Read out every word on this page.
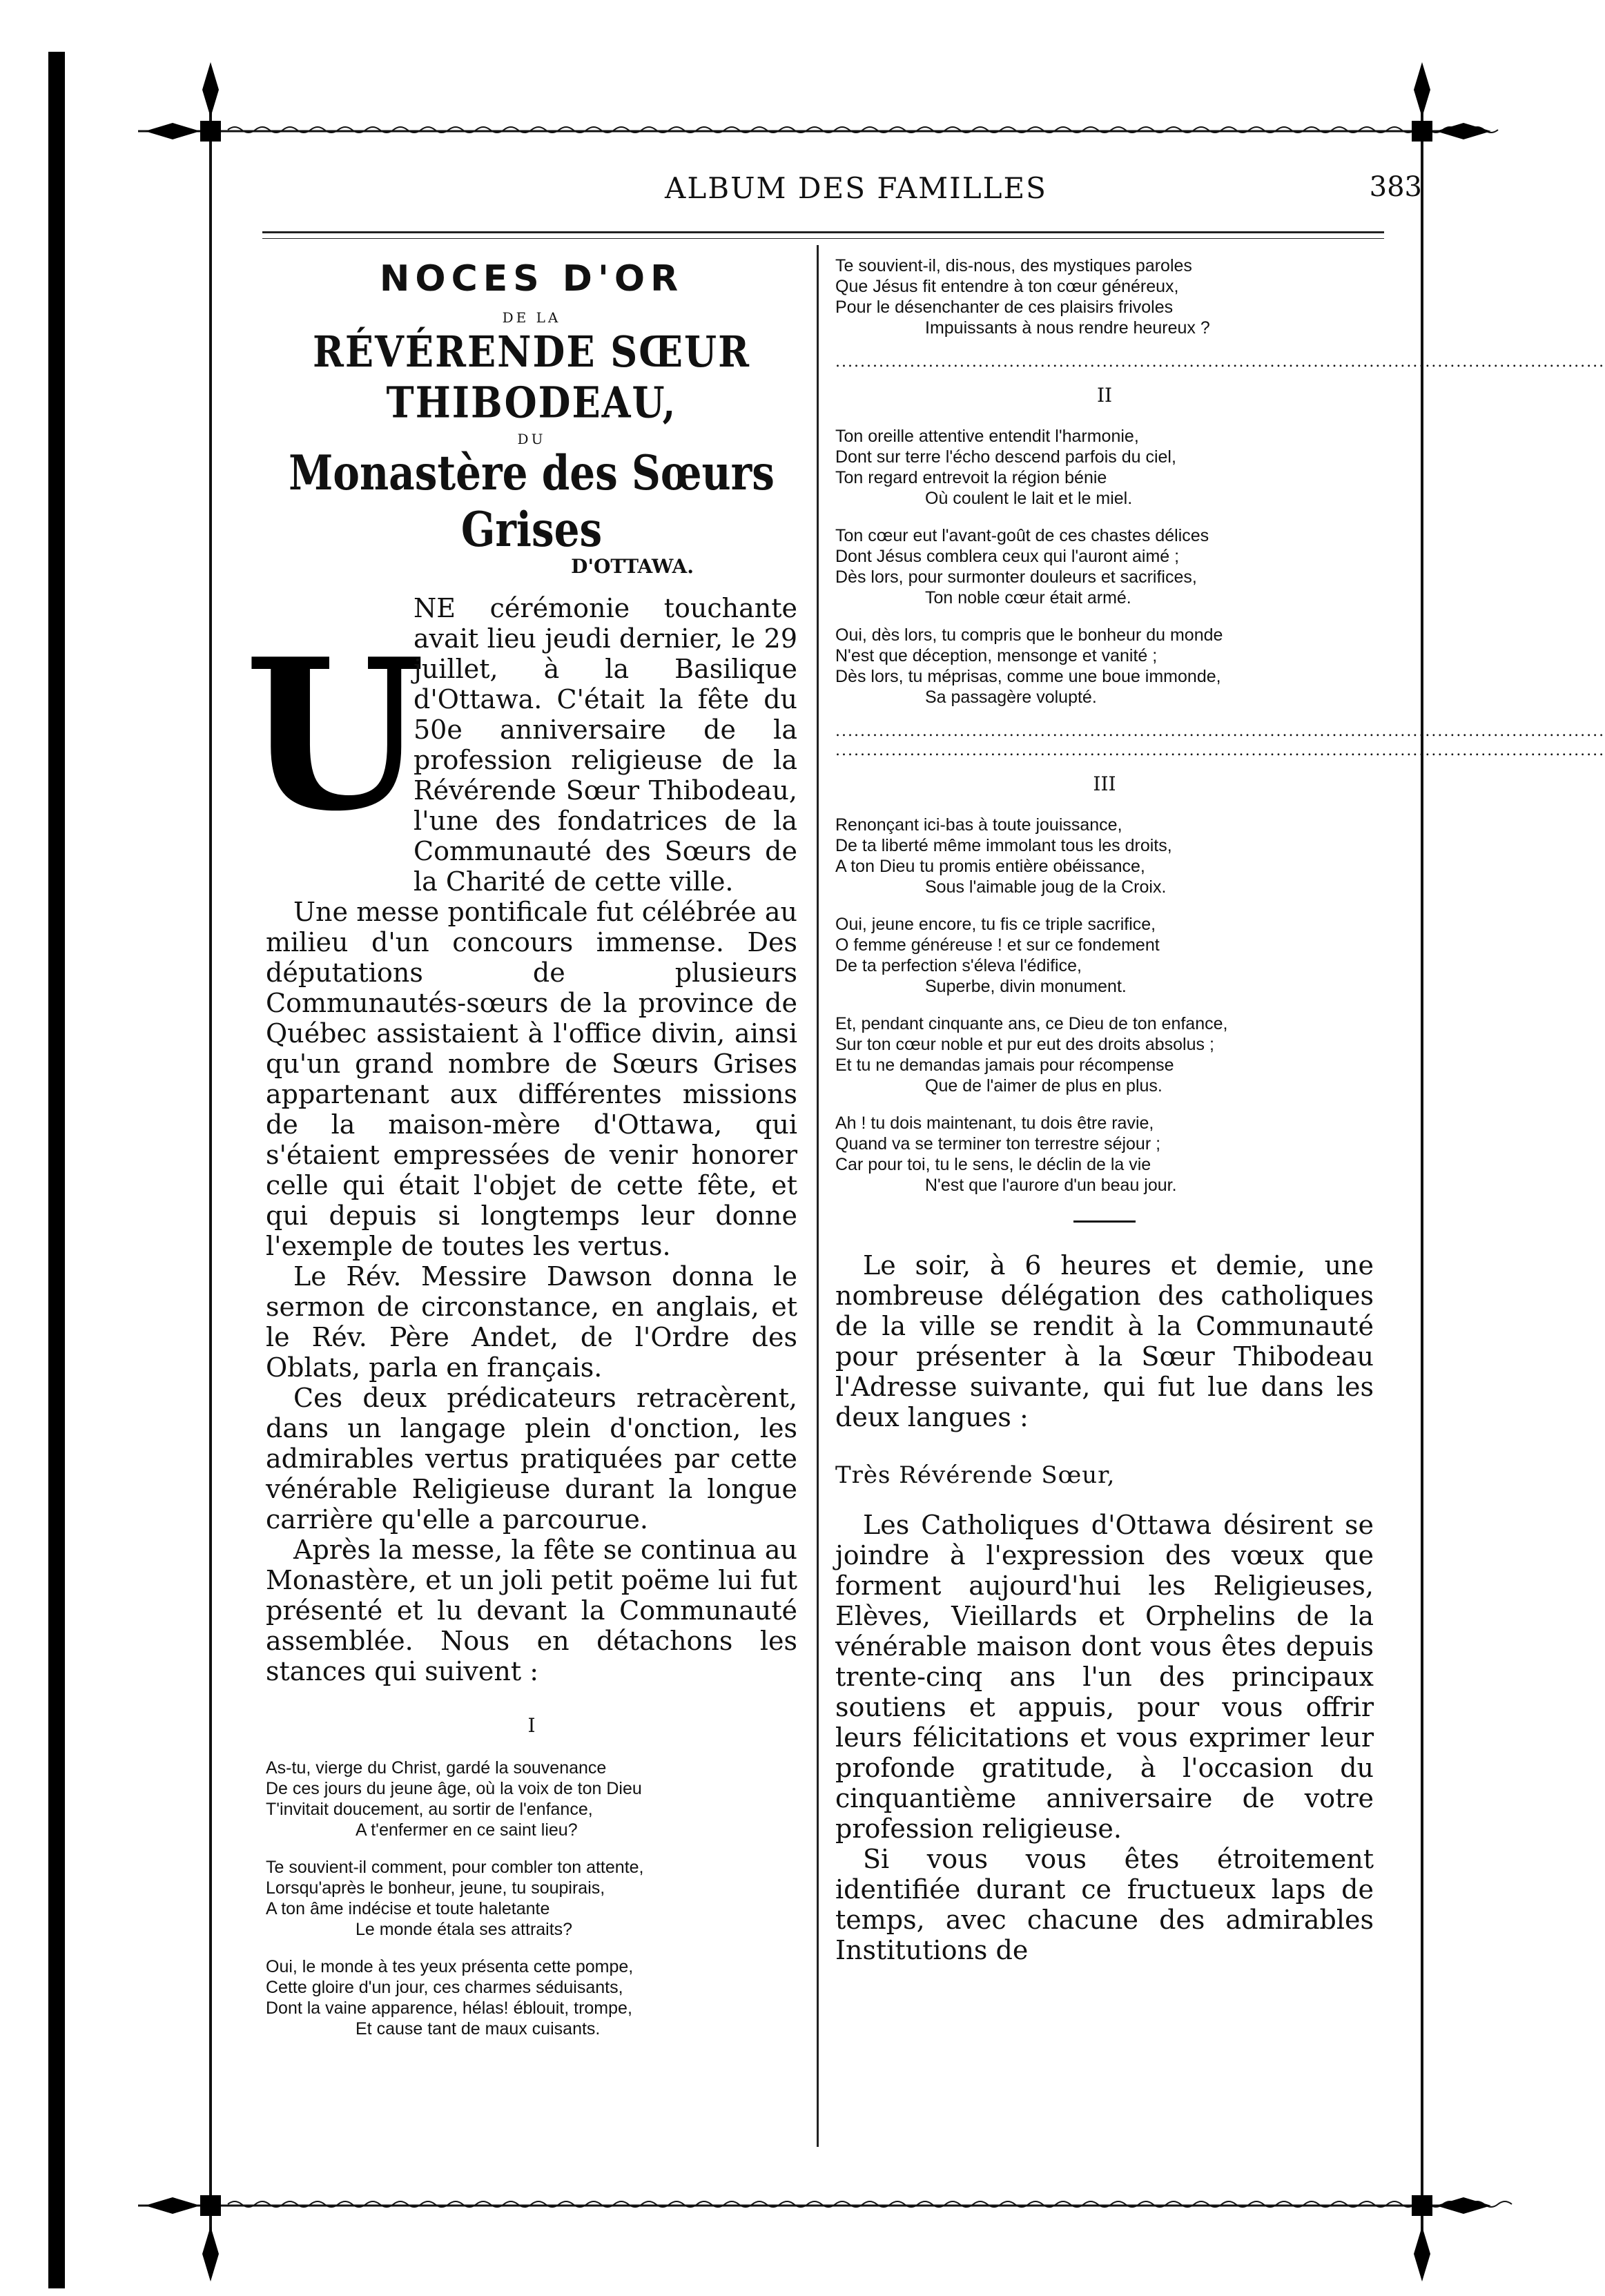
ALBUM DES FAMILLES	383
NOCES D'OR
DE LA
RÉVÉRENDE SŒUR THIBODEAU,
DU
Monastère des Sœurs Grises
D'OTTAWA.
U

NE cérémonie touchante avait lieu jeudi dernier, le 29 juillet, à la Basilique d'Ottawa. C'était la fête du 50e anniversaire de la profession religieuse de la Révérende Sœur Thibodeau, l'une des fondatrices de la Communauté des Sœurs de la Charité de cette ville.

Une messe pontificale fut célébrée au milieu d'un concours immense. Des députations de plusieurs Communautés-sœurs de la province de Québec assistaient à l'office divin, ainsi qu'un grand nombre de Sœurs Grises appartenant aux différentes missions de la maison-mère d'Ottawa, qui s'étaient empressées de venir honorer celle qui était l'objet de cette fête, et qui depuis si longtemps leur donne l'exemple de toutes les vertus.

Le Rév. Messire Dawson donna le sermon de circonstance, en anglais, et le Rév. Père Andet, de l'Ordre des Oblats, parla en français.

Ces deux prédicateurs retracèrent, dans un langage plein d'onction, les admirables vertus pratiquées par cette vénérable Religieuse durant la longue carrière qu'elle a parcourue.

Après la messe, la fête se continua au Monastère, et un joli petit poëme lui fut présenté et lu devant la Communauté assemblée. Nous en détachons les stances qui suivent :

I
As-tu, vierge du Christ, gardé la souvenance
De ces jours du jeune âge, où la voix de ton Dieu
T'invitait doucement, au sortir de l'enfance,
A t'enfermer en ce saint lieu?
Te souvient-il comment, pour combler ton attente,
Lorsqu'après le bonheur, jeune, tu soupirais,
A ton âme indécise et toute haletante
Le monde étala ses attraits?
Oui, le monde à tes yeux présenta cette pompe,
Cette gloire d'un jour, ces charmes séduisants,
Dont la vaine apparence, hélas! éblouit, trompe,
Et cause tant de maux cuisants.
Te souvient-il, dis-nous, des mystiques paroles
Que Jésus fit entendre à ton cœur généreux,
Pour le désenchanter de ces plaisirs frivoles
Impuissants à nous rendre heureux ?
............................................................................................................................
II
Ton oreille attentive entendit l'harmonie,
Dont sur terre l'écho descend parfois du ciel,
Ton regard entrevoit la région bénie
Où coulent le lait et le miel.
Ton cœur eut l'avant-goût de ces chastes délices
Dont Jésus comblera ceux qui l'auront aimé ;
Dès lors, pour surmonter douleurs et sacrifices,
Ton noble cœur était armé.
Oui, dès lors, tu compris que le bonheur du monde
N'est que déception, mensonge et vanité ;
Dès lors, tu méprisas, comme une boue immonde,
Sa passagère volupté.
............................................................................................................................
............................................................................................................................
III
Renonçant ici-bas à toute jouissance,
De ta liberté même immolant tous les droits,
A ton Dieu tu promis entière obéissance,
Sous l'aimable joug de la Croix.
Oui, jeune encore, tu fis ce triple sacrifice,
O femme généreuse ! et sur ce fondement
De ta perfection s'éleva l'édifice,
Superbe, divin monument.
Et, pendant cinquante ans, ce Dieu de ton enfance,
Sur ton cœur noble et pur eut des droits absolus ;
Et tu ne demandas jamais pour récompense
Que de l'aimer de plus en plus.
Ah ! tu dois maintenant, tu dois être ravie,
Quand va se terminer ton terrestre séjour ;
Car pour toi, tu le sens, le déclin de la vie
N'est que l'aurore d'un beau jour.

Le soir, à 6 heures et demie, une nombreuse délégation des catholiques de la ville se rendit à la Communauté pour présenter à la Sœur Thibodeau l'Adresse suivante, qui fut lue dans les deux langues :

Très Révérende Sœur,

Les Catholiques d'Ottawa désirent se joindre à l'expression des vœux que forment aujourd'hui les Religieuses, Elèves, Vieillards et Orphelins de la vénérable maison dont vous êtes depuis trente-cinq ans l'un des principaux soutiens et appuis, pour vous offrir leurs félicitations et vous exprimer leur profonde gratitude, à l'occasion du cinquantième anniversaire de votre profession religieuse.

Si vous vous êtes étroitement identifiée durant ce fructueux laps de temps, avec chacune des admirables Institutions de
